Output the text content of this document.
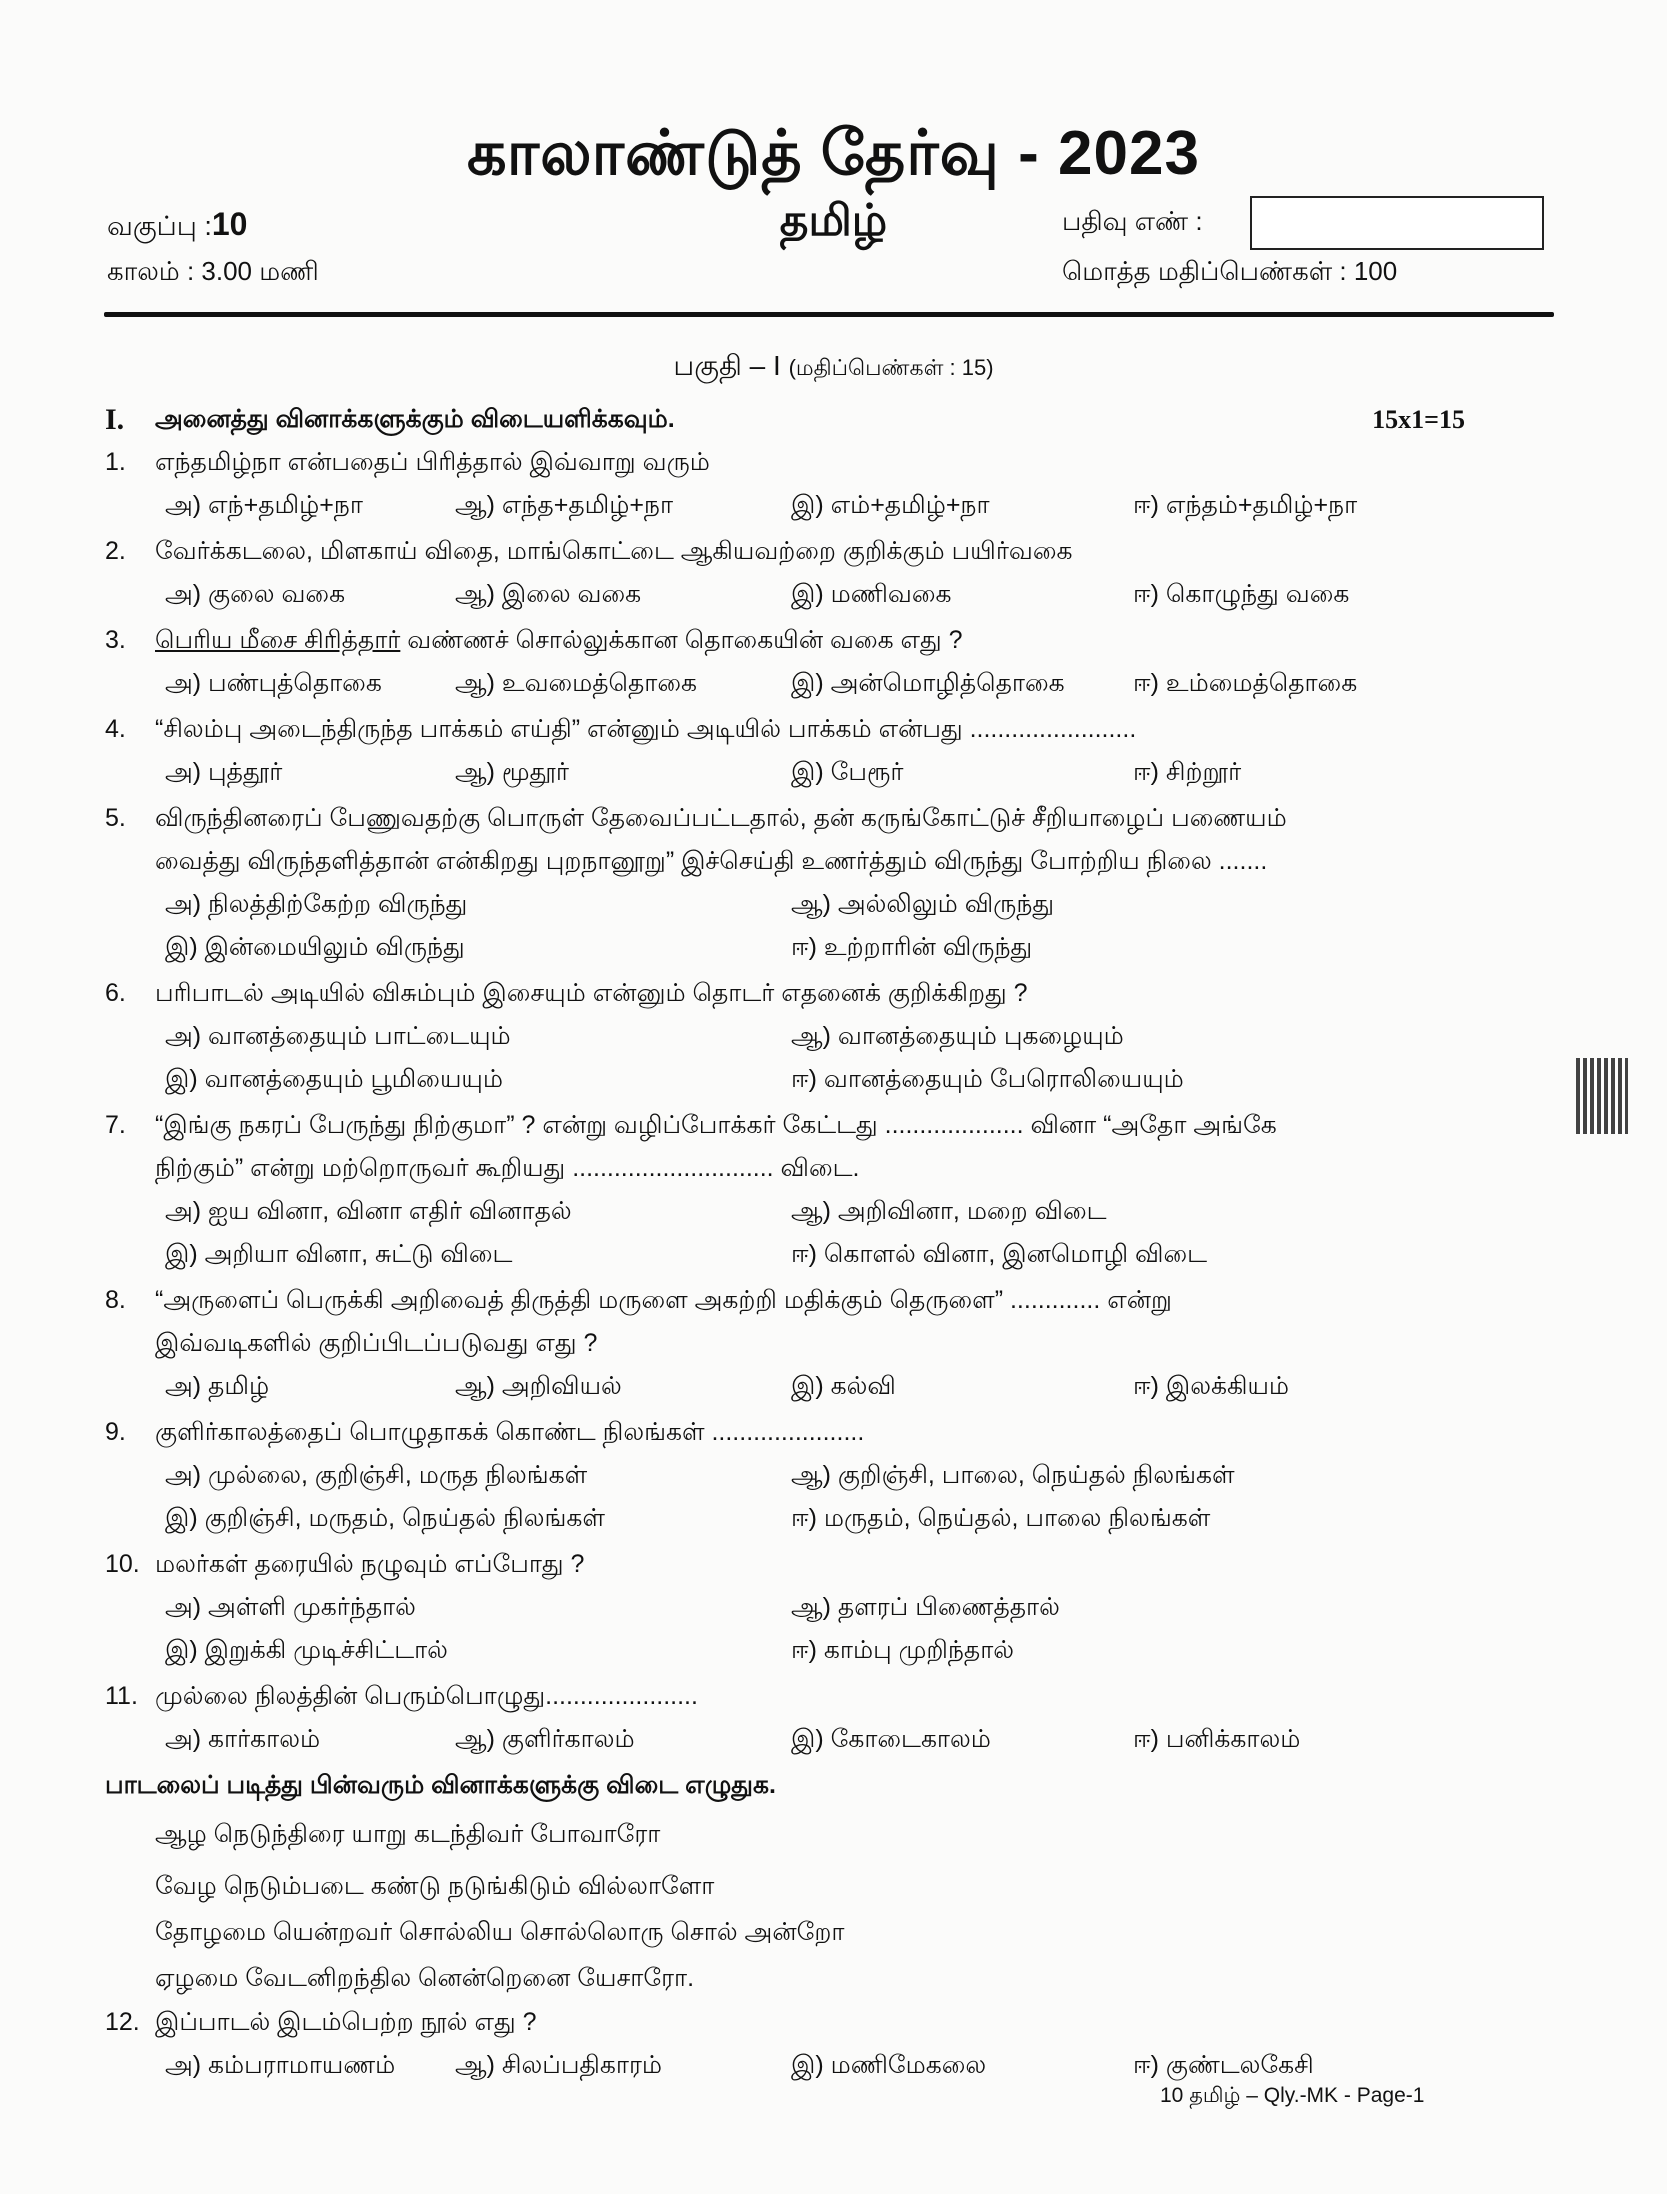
காலாண்டுத் தேர்வு - 2023
தமிழ்
வகுப்பு :10
காலம் : 3.00 மணி
பதிவு எண் :
மொத்த மதிப்பெண்கள் : 100
பகுதி – I (மதிப்பெண்கள் : 15)
I.	அனைத்து வினாக்களுக்கும் விடையளிக்கவும்.	15x1=15
1.	எந்தமிழ்நா என்பதைப் பிரித்தால் இவ்வாறு வரும்
அ) எந்+தமிழ்+நா	ஆ) எந்த+தமிழ்+நா	இ) எம்+தமிழ்+நா	ஈ) எந்தம்+தமிழ்+நா
2.	வேர்க்கடலை, மிளகாய் விதை, மாங்கொட்டை ஆகியவற்றை குறிக்கும் பயிர்வகை
அ) குலை வகை	ஆ) இலை வகை	இ) மணிவகை	ஈ) கொழுந்து வகை
3.	பெரிய மீசை சிரித்தார் வண்ணச் சொல்லுக்கான தொகையின் வகை எது ?
அ) பண்புத்தொகை	ஆ) உவமைத்தொகை	இ) அன்மொழித்தொகை	ஈ) உம்மைத்தொகை
4.	“சிலம்பு அடைந்திருந்த பாக்கம் எய்தி” என்னும் அடியில் பாக்கம் என்பது ........................
அ) புத்தூர்	ஆ) மூதூர்	இ) பேரூர்	ஈ) சிற்றூர்
5.	விருந்தினரைப் பேணுவதற்கு பொருள் தேவைப்பட்டதால், தன் கருங்கோட்டுச் சீறியாழைப் பணையம்
வைத்து விருந்தளித்தான் என்கிறது புறநானூறு” இச்செய்தி உணர்த்தும் விருந்து போற்றிய நிலை .......
அ) நிலத்திற்கேற்ற விருந்து	ஆ) அல்லிலும் விருந்து
இ) இன்மையிலும் விருந்து	ஈ) உற்றாரின் விருந்து
6.	பரிபாடல் அடியில் விசும்பும் இசையும் என்னும் தொடர் எதனைக் குறிக்கிறது ?
அ) வானத்தையும் பாட்டையும்	ஆ) வானத்தையும் புகழையும்
இ) வானத்தையும் பூமியையும்	ஈ) வானத்தையும் பேரொலியையும்
7.	“இங்கு நகரப் பேருந்து நிற்குமா” ? என்று வழிப்போக்கர் கேட்டது .................... வினா “அதோ அங்கே
நிற்கும்” என்று மற்றொருவர் கூறியது ............................. விடை.
அ) ஐய வினா, வினா எதிர் வினாதல்	ஆ) அறிவினா, மறை விடை
இ) அறியா வினா, சுட்டு விடை	ஈ) கொளல் வினா, இனமொழி விடை
8.	“அருளைப் பெருக்கி அறிவைத் திருத்தி மருளை அகற்றி மதிக்கும் தெருளை” ............. என்று
இவ்வடிகளில் குறிப்பிடப்படுவது எது ?
அ) தமிழ்	ஆ) அறிவியல்	இ) கல்வி	ஈ) இலக்கியம்
9.	குளிர்காலத்தைப் பொழுதாகக் கொண்ட நிலங்கள் ......................
அ) முல்லை, குறிஞ்சி, மருத நிலங்கள்	ஆ) குறிஞ்சி, பாலை, நெய்தல் நிலங்கள்
இ) குறிஞ்சி, மருதம், நெய்தல் நிலங்கள்	ஈ) மருதம், நெய்தல், பாலை நிலங்கள்
10. மலர்கள் தரையில் நழுவும் எப்போது ?
அ) அள்ளி முகர்ந்தால்	ஆ) தளரப் பிணைத்தால்
இ) இறுக்கி முடிச்சிட்டால்	ஈ) காம்பு முறிந்தால்
11. முல்லை நிலத்தின் பெரும்பொழுது......................
அ) கார்காலம்	ஆ) குளிர்காலம்	இ) கோடைகாலம்	ஈ) பனிக்காலம்
பாடலைப் படித்து பின்வரும் வினாக்களுக்கு விடை எழுதுக.
ஆழ நெடுந்திரை யாறு கடந்திவர் போவாரோ
வேழ நெடும்படை கண்டு நடுங்கிடும் வில்லாளோ
தோழமை யென்றவர் சொல்லிய சொல்லொரு சொல் அன்றோ
ஏழமை வேடனிறந்தில னென்றெனை யேசாரோ.
12. இப்பாடல் இடம்பெற்ற நூல் எது ?
அ) கம்பராமாயணம் ஆ) சிலப்பதிகாரம்	இ) மணிமேகலை	ஈ) குண்டலகேசி
10 தமிழ் – Qly.-MK - Page-1
